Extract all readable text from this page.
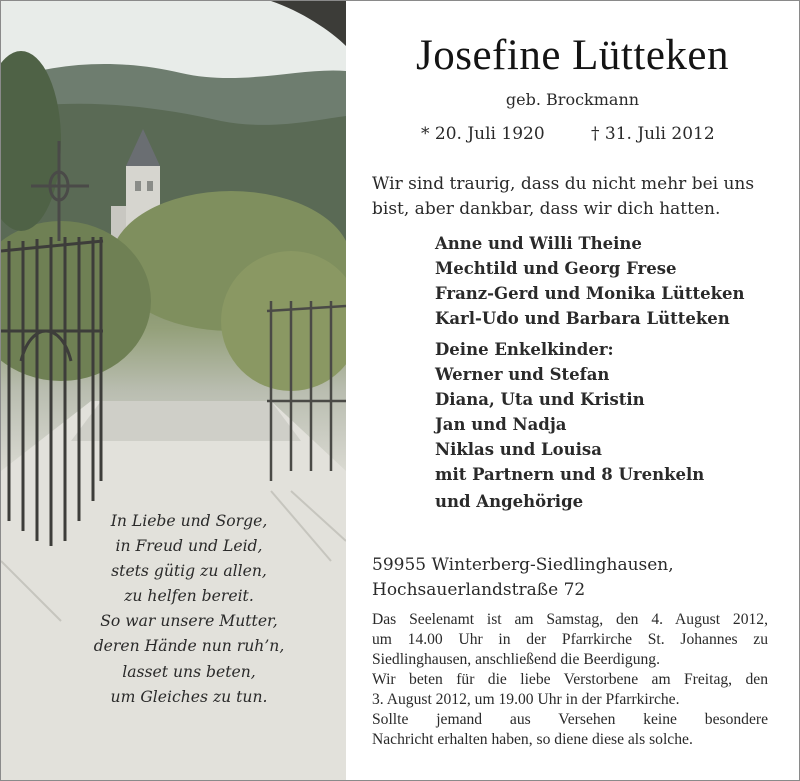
In Liebe und Sorge,
in Freud und Leid,
stets gütig zu allen,
zu helfen bereit.
So war unsere Mutter,
deren Hände nun ruh’n,
lasset uns beten,
um Gleiches zu tun.
Josefine Lütteken
geb. Brockmann
* 20. Juli 1920	† 31. Juli 2012
Wir sind traurig, dass du nicht mehr bei uns
bist, aber dankbar, dass wir dich hatten.
Anne und Willi Theine
Mechtild und Georg Frese
Franz-Gerd und Monika Lütteken
Karl-Udo und Barbara Lütteken
Deine Enkelkinder:
Werner und Stefan
Diana, Uta und Kristin
Jan und Nadja
Niklas und Louisa
mit Partnern und 8 Urenkeln
und Angehörige
59955 Winterberg-Siedlinghausen,
Hochsauerlandstraße 72
Das Seelenamt ist am Samstag, den 4. August 2012,
um 14.00 Uhr in der Pfarrkirche St. Johannes zu
Siedlinghausen, anschließend die Beerdigung.
Wir beten für die liebe Verstorbene am Freitag, den
3. August 2012, um 19.00 Uhr in der Pfarrkirche.
Sollte jemand aus Versehen keine besondere
Nachricht erhalten haben, so diene diese als solche.
